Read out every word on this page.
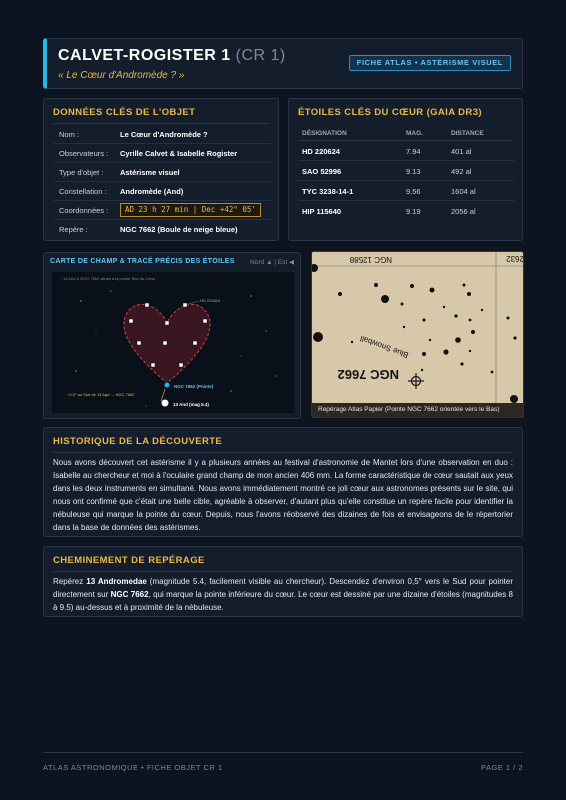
CALVET-ROGISTER 1 (CR 1)
« Le Cœur d'Andromède ? »
FICHE ATLAS • ASTÉRISME VISUEL
DONNÉES CLÉS DE L'OBJET
Nom :	Le Cœur d'Andromède ?
Observateurs : Cyrille Calvet & Isabelle Rogister
Type d'objet : Astérisme visuel
Constellation : Andromède (And)
Coordonnées :	AD 23 h 27 min | Dec +42° 05'
Repère :	NGC 7662 (Boule de neige bleue)
ÉTOILES CLÉS DU CŒUR (GAIA DR3)
DÉSIGNATION	MAG.	DISTANCE
HD 220624	7.94	401 al
SAO 52996	9.13	492 al
TYC 3238-14-1	9.56	1604 al
HIP 115640	9.19	2056 al
CARTE DE CHAMP & TRACÉ PRÉCIS DES ÉTOILES Nord ▲ | Est ◀
13 And & NGC 7662 situés à la pointe Sud du Cœur
HD 220624
NGC 7662 (Pointe)
13 And (mag 5.4)
~0,5° au Sud de 13 And → NGC 7662
NGC 7662
Blue Snowball
NGC 12588	2632
Repérage Atlas Papier (Pointe NGC 7662 orientée vers le Bas)
HISTORIQUE DE LA DÉCOUVERTE

Nous avons découvert cet astérisme il y a plusieurs années au festival d'astronomie de Mantet lors d'une observation en duo : Isabelle au chercheur et moi à l'oculaire grand champ de mon ancien 406 mm. La forme caractéristique de cœur sautait aux yeux dans les deux instruments en simultané. Nous avons immédiatement montré ce joli cœur aux astronomes présents sur le site, qui nous ont confirmé que c'était une belle cible, agréable à observer, d'autant plus qu'elle constitue un repère facile pour identifier la nébuleuse qui marque la pointe du cœur. Depuis, nous l'avons réobservé des dizaines de fois et envisageons de le répertorier dans la base de données des astérismes.

CHEMINEMENT DE REPÉRAGE

Repérez 13 Andromedae (magnitude 5.4, facilement visible au chercheur). Descendez d'environ 0,5° vers le Sud pour pointer directement sur NGC 7662, qui marque la pointe inférieure du cœur. Le cœur est dessiné par une dizaine d'étoiles (magnitudes 8 à 9.5) au-dessus et à proximité de la nébuleuse.

ATLAS ASTRONOMIQUE • FICHE OBJET CR 1	PAGE 1 / 2
